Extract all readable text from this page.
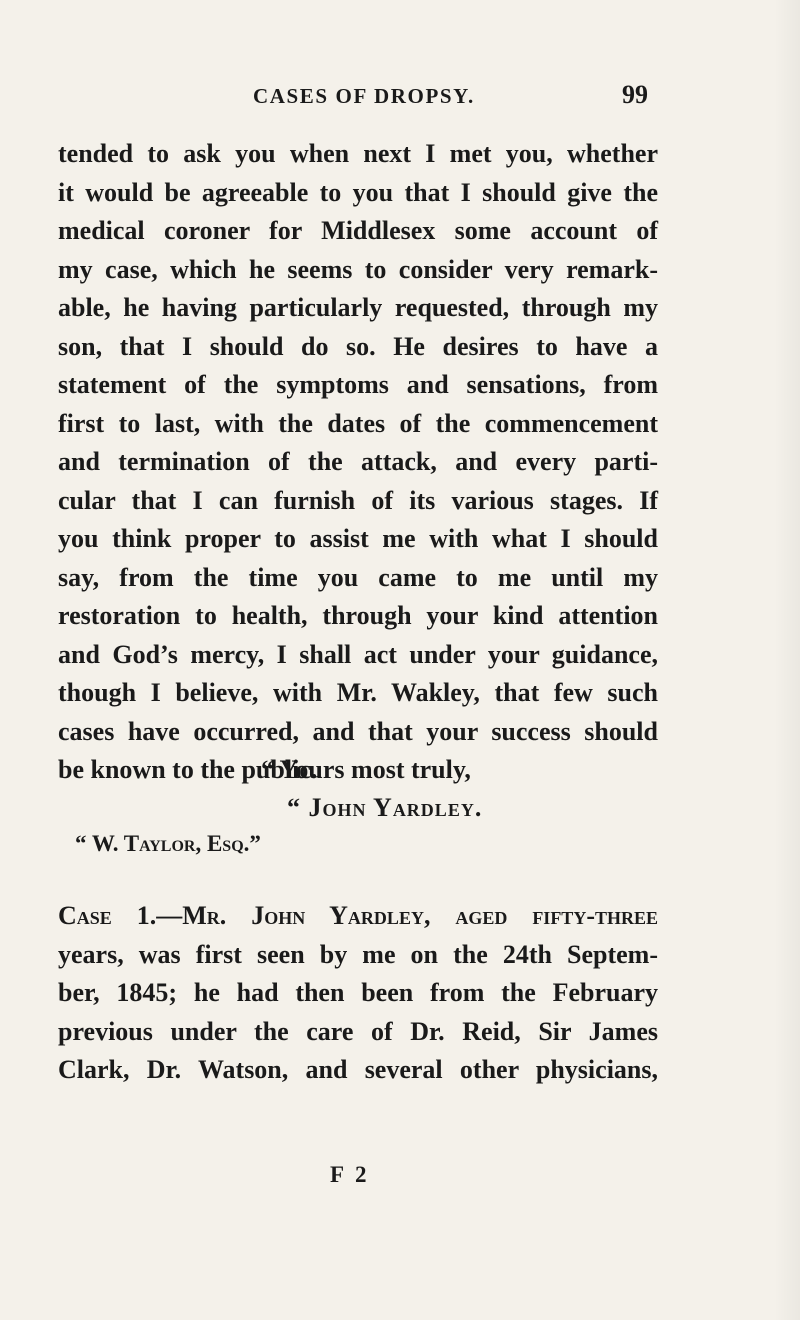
CASES OF DROPSY.	99
tended to ask you when next I met you, whether
it would be agreeable to you that I should give the
medical coroner for Middlesex some account of
my case, which he seems to consider very remark-
able, he having particularly requested, through my
son, that I should do so. He desires to have a
statement of the symptoms and sensations, from
first to last, with the dates of the commencement
and termination of the attack, and every parti-
cular that I can furnish of its various stages. If
you think proper to assist me with what I should
say, from the time you came to me until my
restoration to health, through your kind attention
and God’s mercy, I shall act under your guidance,
though I believe, with Mr. Wakley, that few such
cases have occurred, and that your success should
be known to the public.
“ Yours most truly,
“ John Yardley.
“ W. Taylor, Esq.”
Case 1.—Mr. John Yardley, aged fifty-three
years, was first seen by me on the 24th Septem-
ber, 1845; he had then been from the February
previous under the care of Dr. Reid, Sir James
Clark, Dr. Watson, and several other physicians,
F 2
